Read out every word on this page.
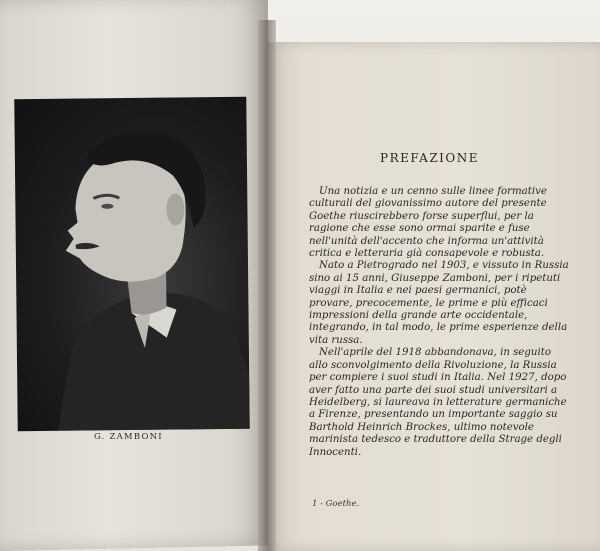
G. ZAMBONI
PREFAZIONE

Una notizia e un cenno sulle linee formative culturali del giovanissimo autore del presente Goethe riuscirebbero forse superflui, per la ragione che esse sono ormai sparite e fuse nell'unità dell'accento che informa un'attività critica e letteraria già consapevole e robusta.

Nato a Pietrogrado nel 1903, e vissuto in Russia sino ai 15 anni, Giuseppe Zamboni, per i ripetuti viaggi in Italia e nei paesi germanici, potè provare, precocemente, le prime e più efficaci impressioni della grande arte occidentale, integrando, in tal modo, le prime esperienze della vita russa.

Nell'aprile del 1918 abbandonava, in seguito allo sconvolgimento della Rivoluzione, la Russia per compiere i suoi studi in Italia. Nel 1927, dopo aver fatto una parte dei suoi studi universitari a Heidelberg, si laureava in letterature germaniche a Firenze, presentando un importante saggio su Barthold Heinrich Brockes, ultimo notevole marinista tedesco e traduttore della Strage degli Innocenti.

1 - Goethe.
